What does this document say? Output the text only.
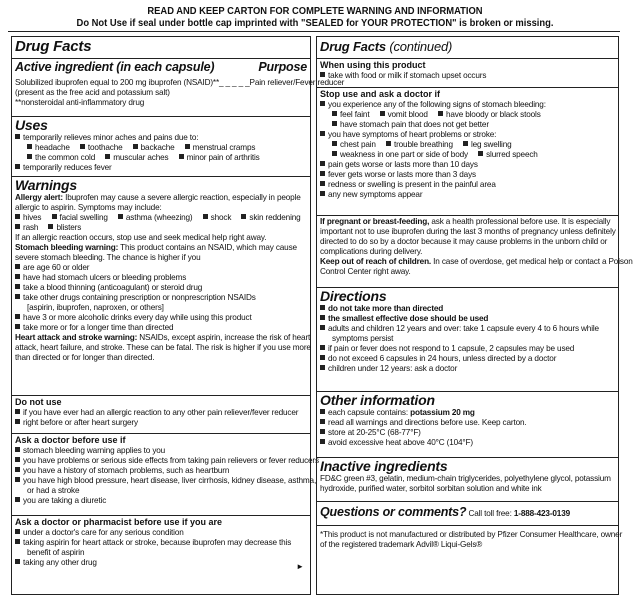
READ AND KEEP CARTON FOR COMPLETE WARNING AND INFORMATION
Do Not Use if seal under bottle cap imprinted with "SEALED for YOUR PROTECTION" is broken or missing.
Drug Facts
Active ingredient (in each capsule)	Purpose
Solubilized ibuprofen equal to 200 mg ibuprofen (NSAID)**_ _ _ _ _Pain reliever/Fever reducer
(present as the free acid and potassium salt)
**nonsteroidal anti-inflammatory drug
Uses
temporarily relieves minor aches and pains due to:
headache toothache backache menstrual cramps
the common cold muscular aches minor pain of arthritis
temporarily reduces fever
Warnings
Allergy alert: Ibuprofen may cause a severe allergic reaction, especially in people
allergic to aspirin. Symptoms may include:
hives facial swelling asthma (wheezing) shock skin reddening
rash blisters
If an allergic reaction occurs, stop use and seek medical help right away.
Stomach bleeding warning: This product contains an NSAID, which may cause
severe stomach bleeding. The chance is higher if you
are age 60 or older
have had stomach ulcers or bleeding problems
take a blood thinning (anticoagulant) or steroid drug
take other drugs containing prescription or nonprescription NSAIDs
[aspirin, ibuprofen, naproxen, or others]
have 3 or more alcoholic drinks every day while using this product
take more or for a longer time than directed
Heart attack and stroke warning: NSAIDs, except aspirin, increase the risk of heart
attack, heart failure, and stroke. These can be fatal. The risk is higher if you use more
than directed or for longer than directed.
Do not use
if you have ever had an allergic reaction to any other pain reliever/fever reducer
right before or after heart surgery
Ask a doctor before use if
stomach bleeding warning applies to you
you have problems or serious side effects from taking pain relievers or fever reducers
you have a history of stomach problems, such as heartburn
you have high blood pressure, heart disease, liver cirrhosis, kidney disease, asthma,
or had a stroke
you are taking a diuretic
Ask a doctor or pharmacist before use if you are
under a doctor's care for any serious condition
taking aspirin for heart attack or stroke, because ibuprofen may decrease this
benefit of aspirin
taking any other drug	►
Drug Facts (continued)
When using this product
take with food or milk if stomach upset occurs
Stop use and ask a doctor if
you experience any of the following signs of stomach bleeding:
feel faint vomit blood have bloody or black stools
have stomach pain that does not get better
you have symptoms of heart problems or stroke:
chest pain trouble breathing leg swelling
weakness in one part or side of body slurred speech
pain gets worse or lasts more than 10 days
fever gets worse or lasts more than 3 days
redness or swelling is present in the painful area
any new symptoms appear
If pregnant or breast-feeding, ask a health professional before use. It is especially
important not to use ibuprofen during the last 3 months of pregnancy unless definitely
directed to do so by a doctor because it may cause problems in the unborn child or
complications during delivery.
Keep out of reach of children. In case of overdose, get medical help or contact a Poison
Control Center right away.
Directions
do not take more than directed
the smallest effective dose should be used
adults and children 12 years and over: take 1 capsule every 4 to 6 hours while
symptoms persist
if pain or fever does not respond to 1 capsule, 2 capsules may be used
do not exceed 6 capsules in 24 hours, unless directed by a doctor
children under 12 years: ask a doctor
Other information
each capsule contains: potassium 20 mg
read all warnings and directions before use. Keep carton.
store at 20-25°C (68-77°F)
avoid excessive heat above 40°C (104°F)
Inactive ingredients
FD&C green #3, gelatin, medium-chain triglycerides, polyethylene glycol, potassium
hydroxide, purified water, sorbitol sorbitan solution and white ink
Questions or comments? Call toll free: 1-888-423-0139
*This product is not manufactured or distributed by Pfizer Consumer Healthcare, owner
of the registered trademark Advil® Liqui-Gels®
